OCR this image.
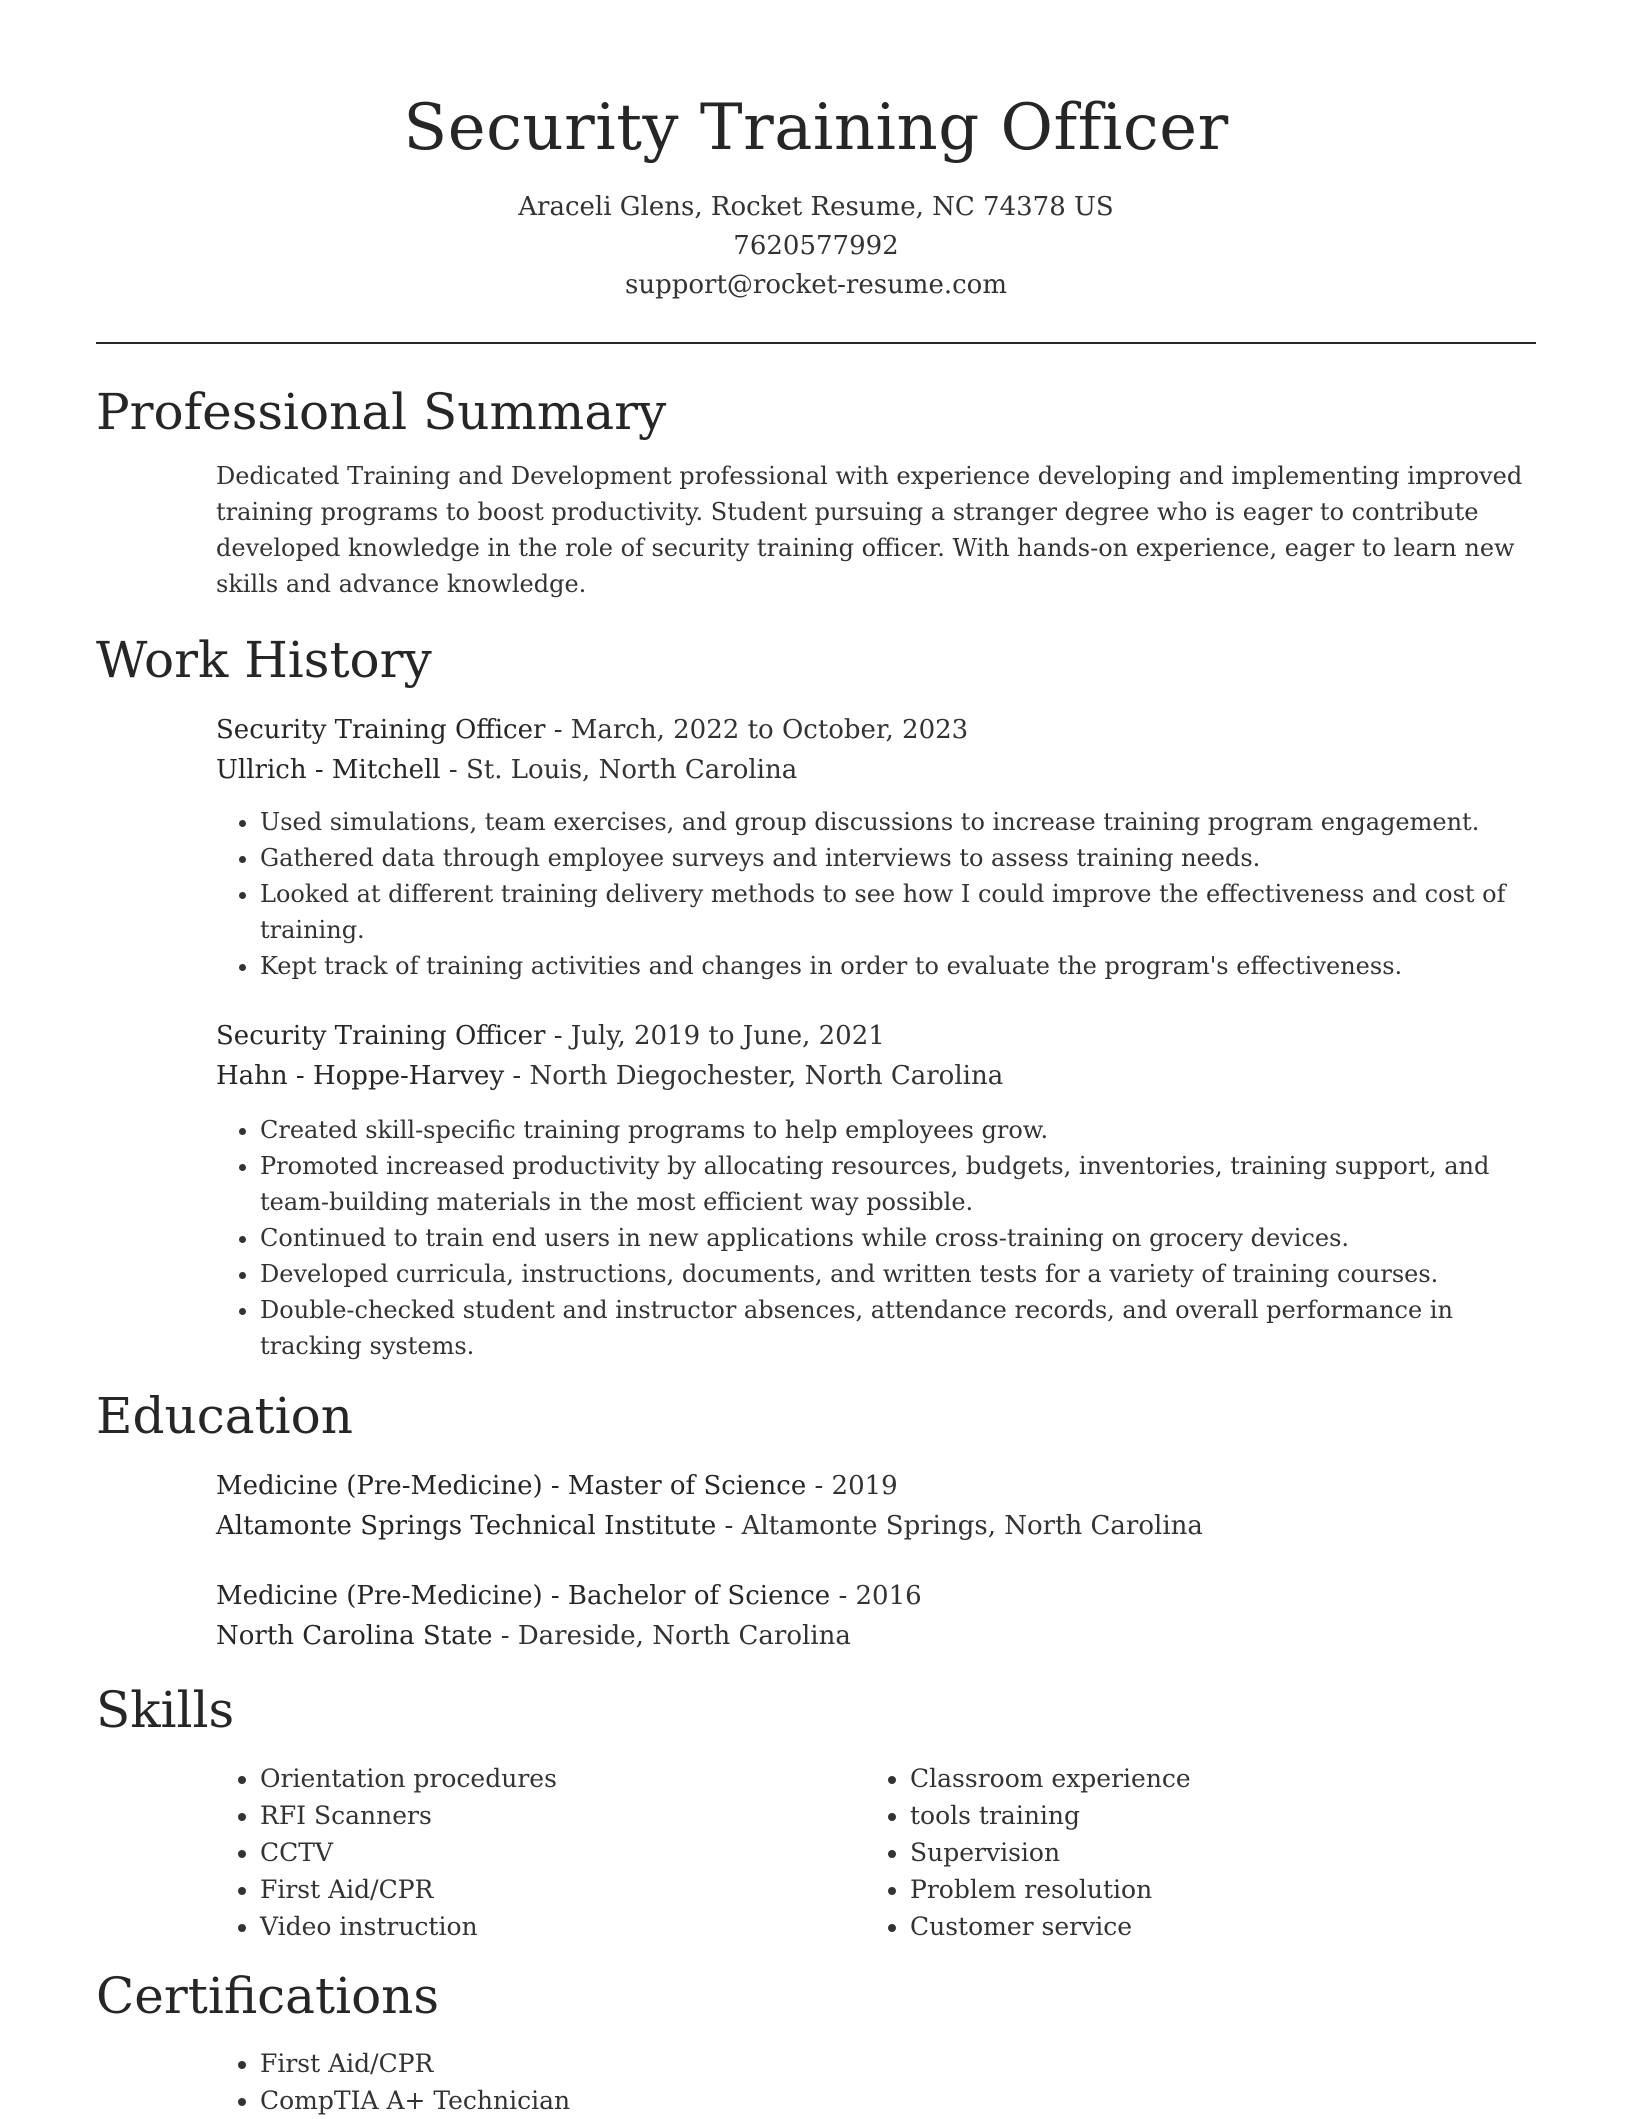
Security Training Officer
Araceli Glens, Rocket Resume, NC 74378 US
7620577992
support@rocket-resume.com
Professional Summary

Dedicated Training and Development professional with experience developing and implementing improved training programs to boost productivity. Student pursuing a stranger degree who is eager to contribute developed knowledge in the role of security training officer. With hands-on experience, eager to learn new skills and advance knowledge.

Work History
Security Training Officer - March, 2022 to October, 2023
Ullrich - Mitchell - St. Louis, North Carolina
• Used simulations, team exercises, and group discussions to increase training program engagement.
• Gathered data through employee surveys and interviews to assess training needs.
• Looked at different training delivery methods to see how I could improve the effectiveness and cost of training.
• Kept track of training activities and changes in order to evaluate the program's effectiveness.
Security Training Officer - July, 2019 to June, 2021
Hahn - Hoppe-Harvey - North Diegochester, North Carolina
• Created skill-specific training programs to help employees grow.
• Promoted increased productivity by allocating resources, budgets, inventories, training support, and team-building materials in the most efficient way possible.
• Continued to train end users in new applications while cross-training on grocery devices.
• Developed curricula, instructions, documents, and written tests for a variety of training courses.
• Double-checked student and instructor absences, attendance records, and overall performance in tracking systems.
Education
Medicine (Pre-Medicine) - Master of Science - 2019
Altamonte Springs Technical Institute - Altamonte Springs, North Carolina
Medicine (Pre-Medicine) - Bachelor of Science - 2016
North Carolina State - Dareside, North Carolina
Skills
• Orientation procedures
• RFI Scanners
• CCTV
• First Aid/CPR
• Video instruction
• Classroom experience
• tools training
• Supervision
• Problem resolution
• Customer service
Certifications
• First Aid/CPR
• CompTIA A+ Technician
